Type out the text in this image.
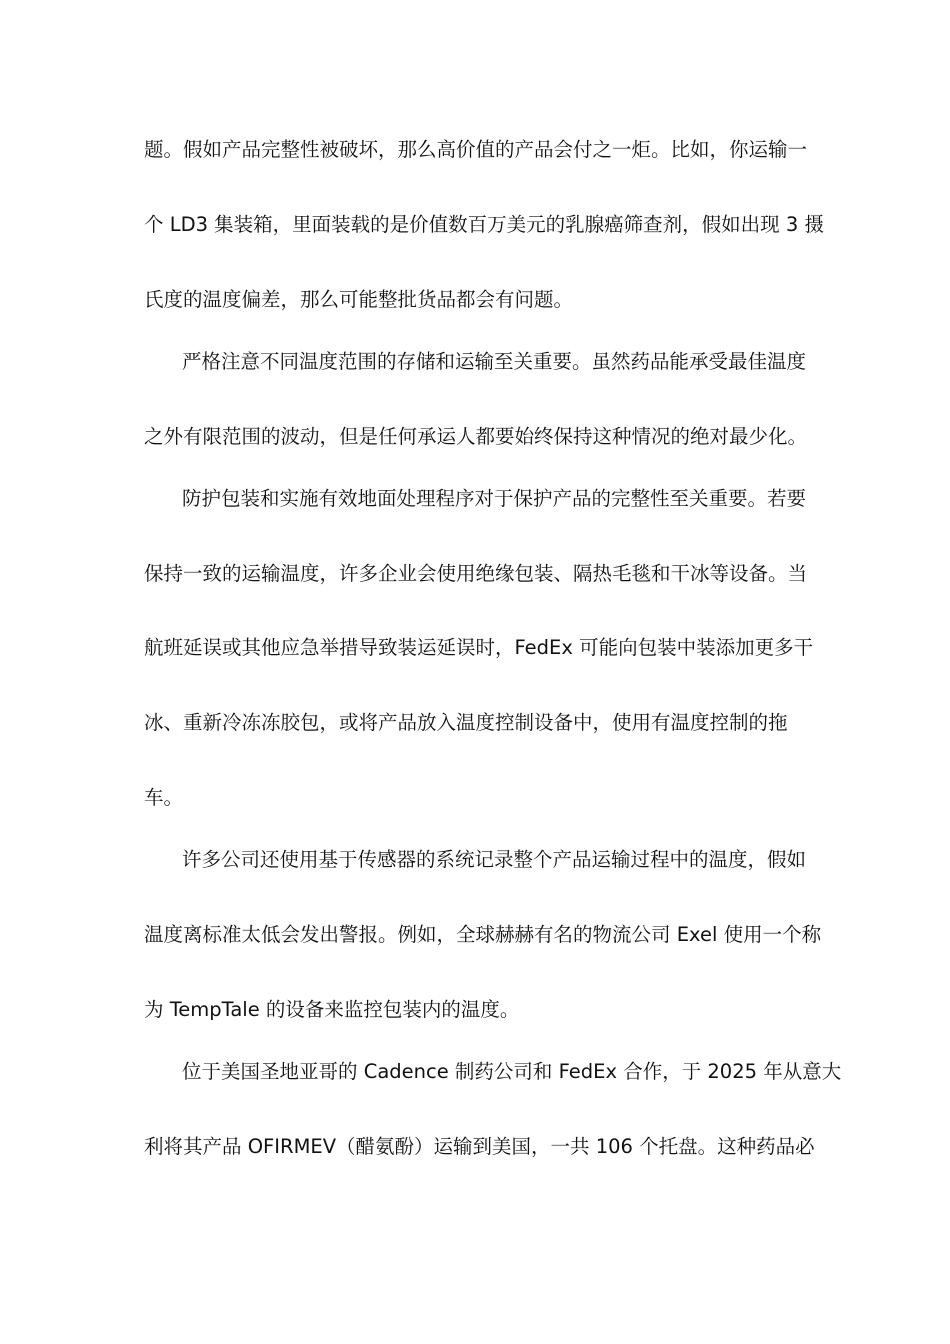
题。假如产品完整性被破坏，那么高价值的产品会付之一炬。比如，你运输一
个 LD3 集装箱，里面装载的是价值数百万美元的乳腺癌筛查剂，假如出现 3 摄
氏度的温度偏差，那么可能整批货品都会有问题。
严格注意不同温度范围的存储和运输至关重要。虽然药品能承受最佳温度
之外有限范围的波动，但是任何承运人都要始终保持这种情况的绝对最少化。
防护包装和实施有效地面处理程序对于保护产品的完整性至关重要。若要
保持一致的运输温度，许多企业会使用绝缘包装、隔热毛毯和干冰等设备。当
航班延误或其他应急举措导致装运延误时，FedEx 可能向包装中装添加更多干
冰、重新冷冻冻胶包，或将产品放入温度控制设备中，使用有温度控制的拖
车。
许多公司还使用基于传感器的系统记录整个产品运输过程中的温度，假如
温度离标准太低会发出警报。例如，全球赫赫有名的物流公司 Exel 使用一个称
为 TempTale 的设备来监控包装内的温度。
位于美国圣地亚哥的 Cadence 制药公司和 FedEx 合作，于 2025 年从意大
利将其产品 OFIRMEV（醋氨酚）运输到美国，一共 106 个托盘。这种药品必
